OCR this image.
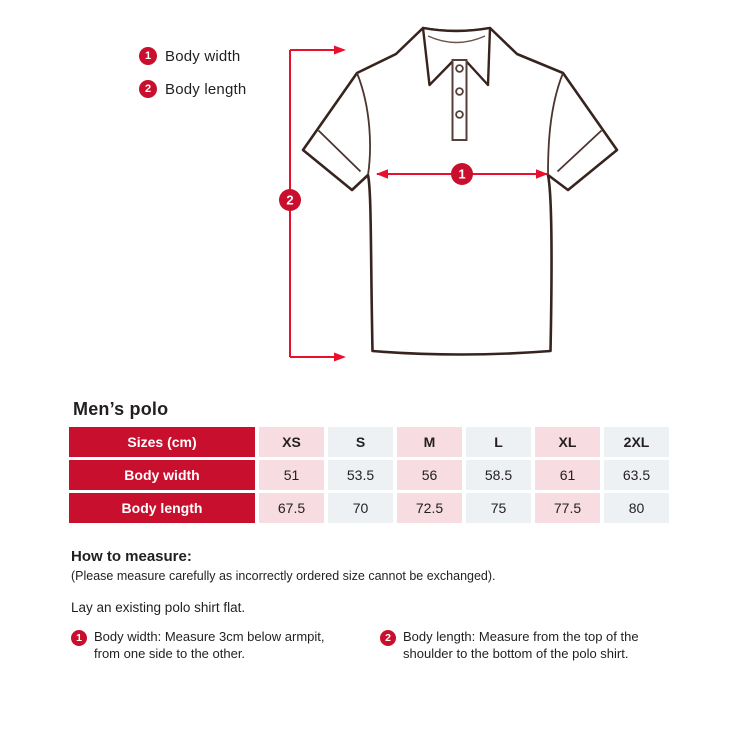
1
2
1 Body width
2 Body length
Men’s polo
Sizes (cm)	XS	S	M	L	XL	2XL
Body width	51	53.5	56	58.5	61	63.5
Body length	67.5	70	72.5	75	77.5	80
How to measure:
(Please measure carefully as incorrectly ordered size cannot be exchanged).
Lay an existing polo shirt flat.
1 Body width: Measure 3cm below armpit,
from one side to the other.
2 Body length: Measure from the top of the
shoulder to the bottom of the polo shirt.
